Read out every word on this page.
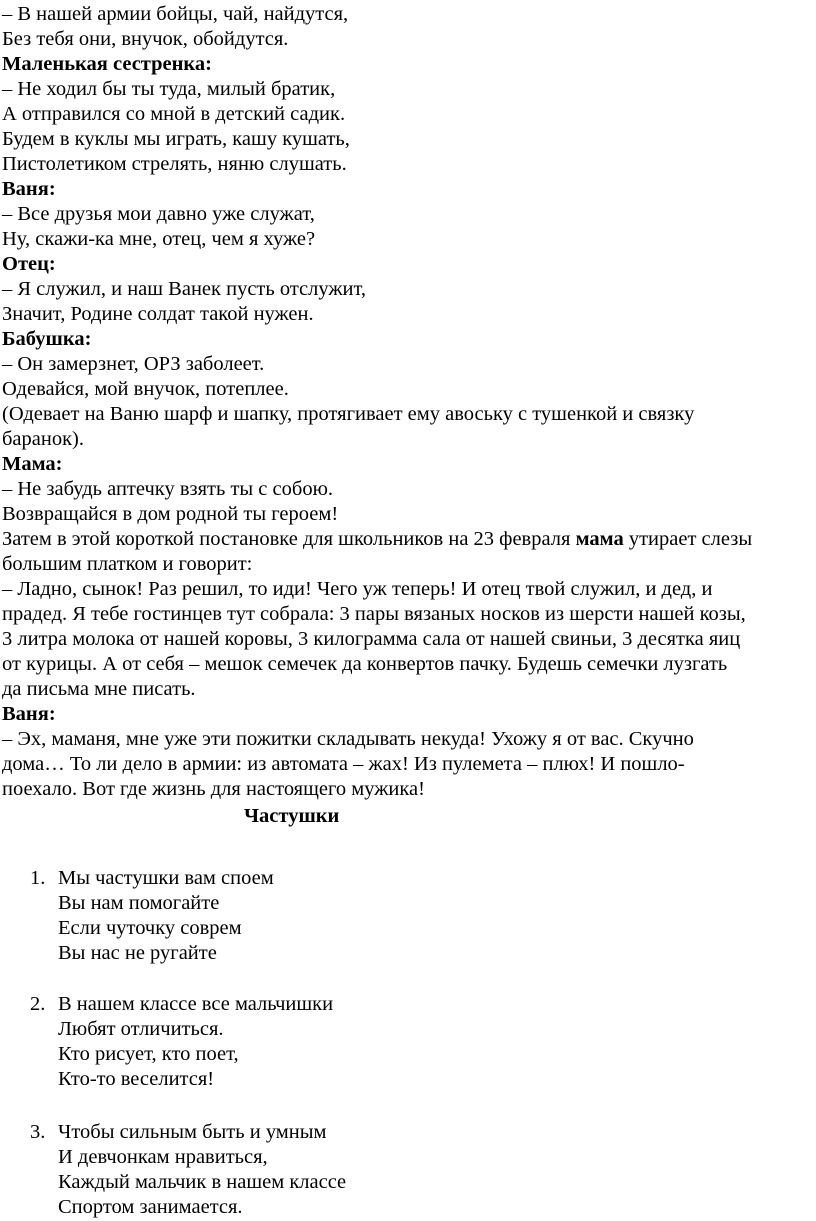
– В нашей армии бойцы, чай, найдутся,
Без тебя они, внучок, обойдутся.
Маленькая сестренка:
– Не ходил бы ты туда, милый братик,
А отправился со мной в детский садик.
Будем в куклы мы играть, кашу кушать,
Пистолетиком стрелять, няню слушать.
Ваня:
– Все друзья мои давно уже служат,
Ну, скажи-ка мне, отец, чем я хуже?
Отец:
– Я служил, и наш Ванек пусть отслужит,
Значит, Родине солдат такой нужен.
Бабушка:
– Он замерзнет, ОРЗ заболеет.
Одевайся, мой внучок, потеплее.
(Одевает на Ваню шарф и шапку, протягивает ему авоську с тушенкой и связку
баранок).
Мама:
– Не забудь аптечку взять ты с собою.
Возвращайся в дом родной ты героем!
Затем в этой короткой постановке для школьников на 23 февраля мама утирает слезы
большим платком и говорит:
– Ладно, сынок! Раз решил, то иди! Чего уж теперь! И отец твой служил, и дед, и
прадед. Я тебе гостинцев тут собрала: 3 пары вязаных носков из шерсти нашей козы,
3 литра молока от нашей коровы, 3 килограмма сала от нашей свиньи, 3 десятка яиц
от курицы. А от себя – мешок семечек да конвертов пачку. Будешь семечки лузгать
да письма мне писать.
Ваня:
– Эх, маманя, мне уже эти пожитки складывать некуда! Ухожу я от вас. Скучно
дома… То ли дело в армии: из автомата – жах! Из пулемета – плюх! И пошло-
поехало. Вот где жизнь для настоящего мужика!
Частушки
1. Мы частушки вам споем
Вы нам помогайте
Если чуточку соврем
Вы нас не ругайте
2. В нашем классе все мальчишки
Любят отличиться.
Кто рисует, кто поет,
Кто-то веселится!
3. Чтобы сильным быть и умным
И девчонкам нравиться,
Каждый мальчик в нашем классе
Спортом занимается.
